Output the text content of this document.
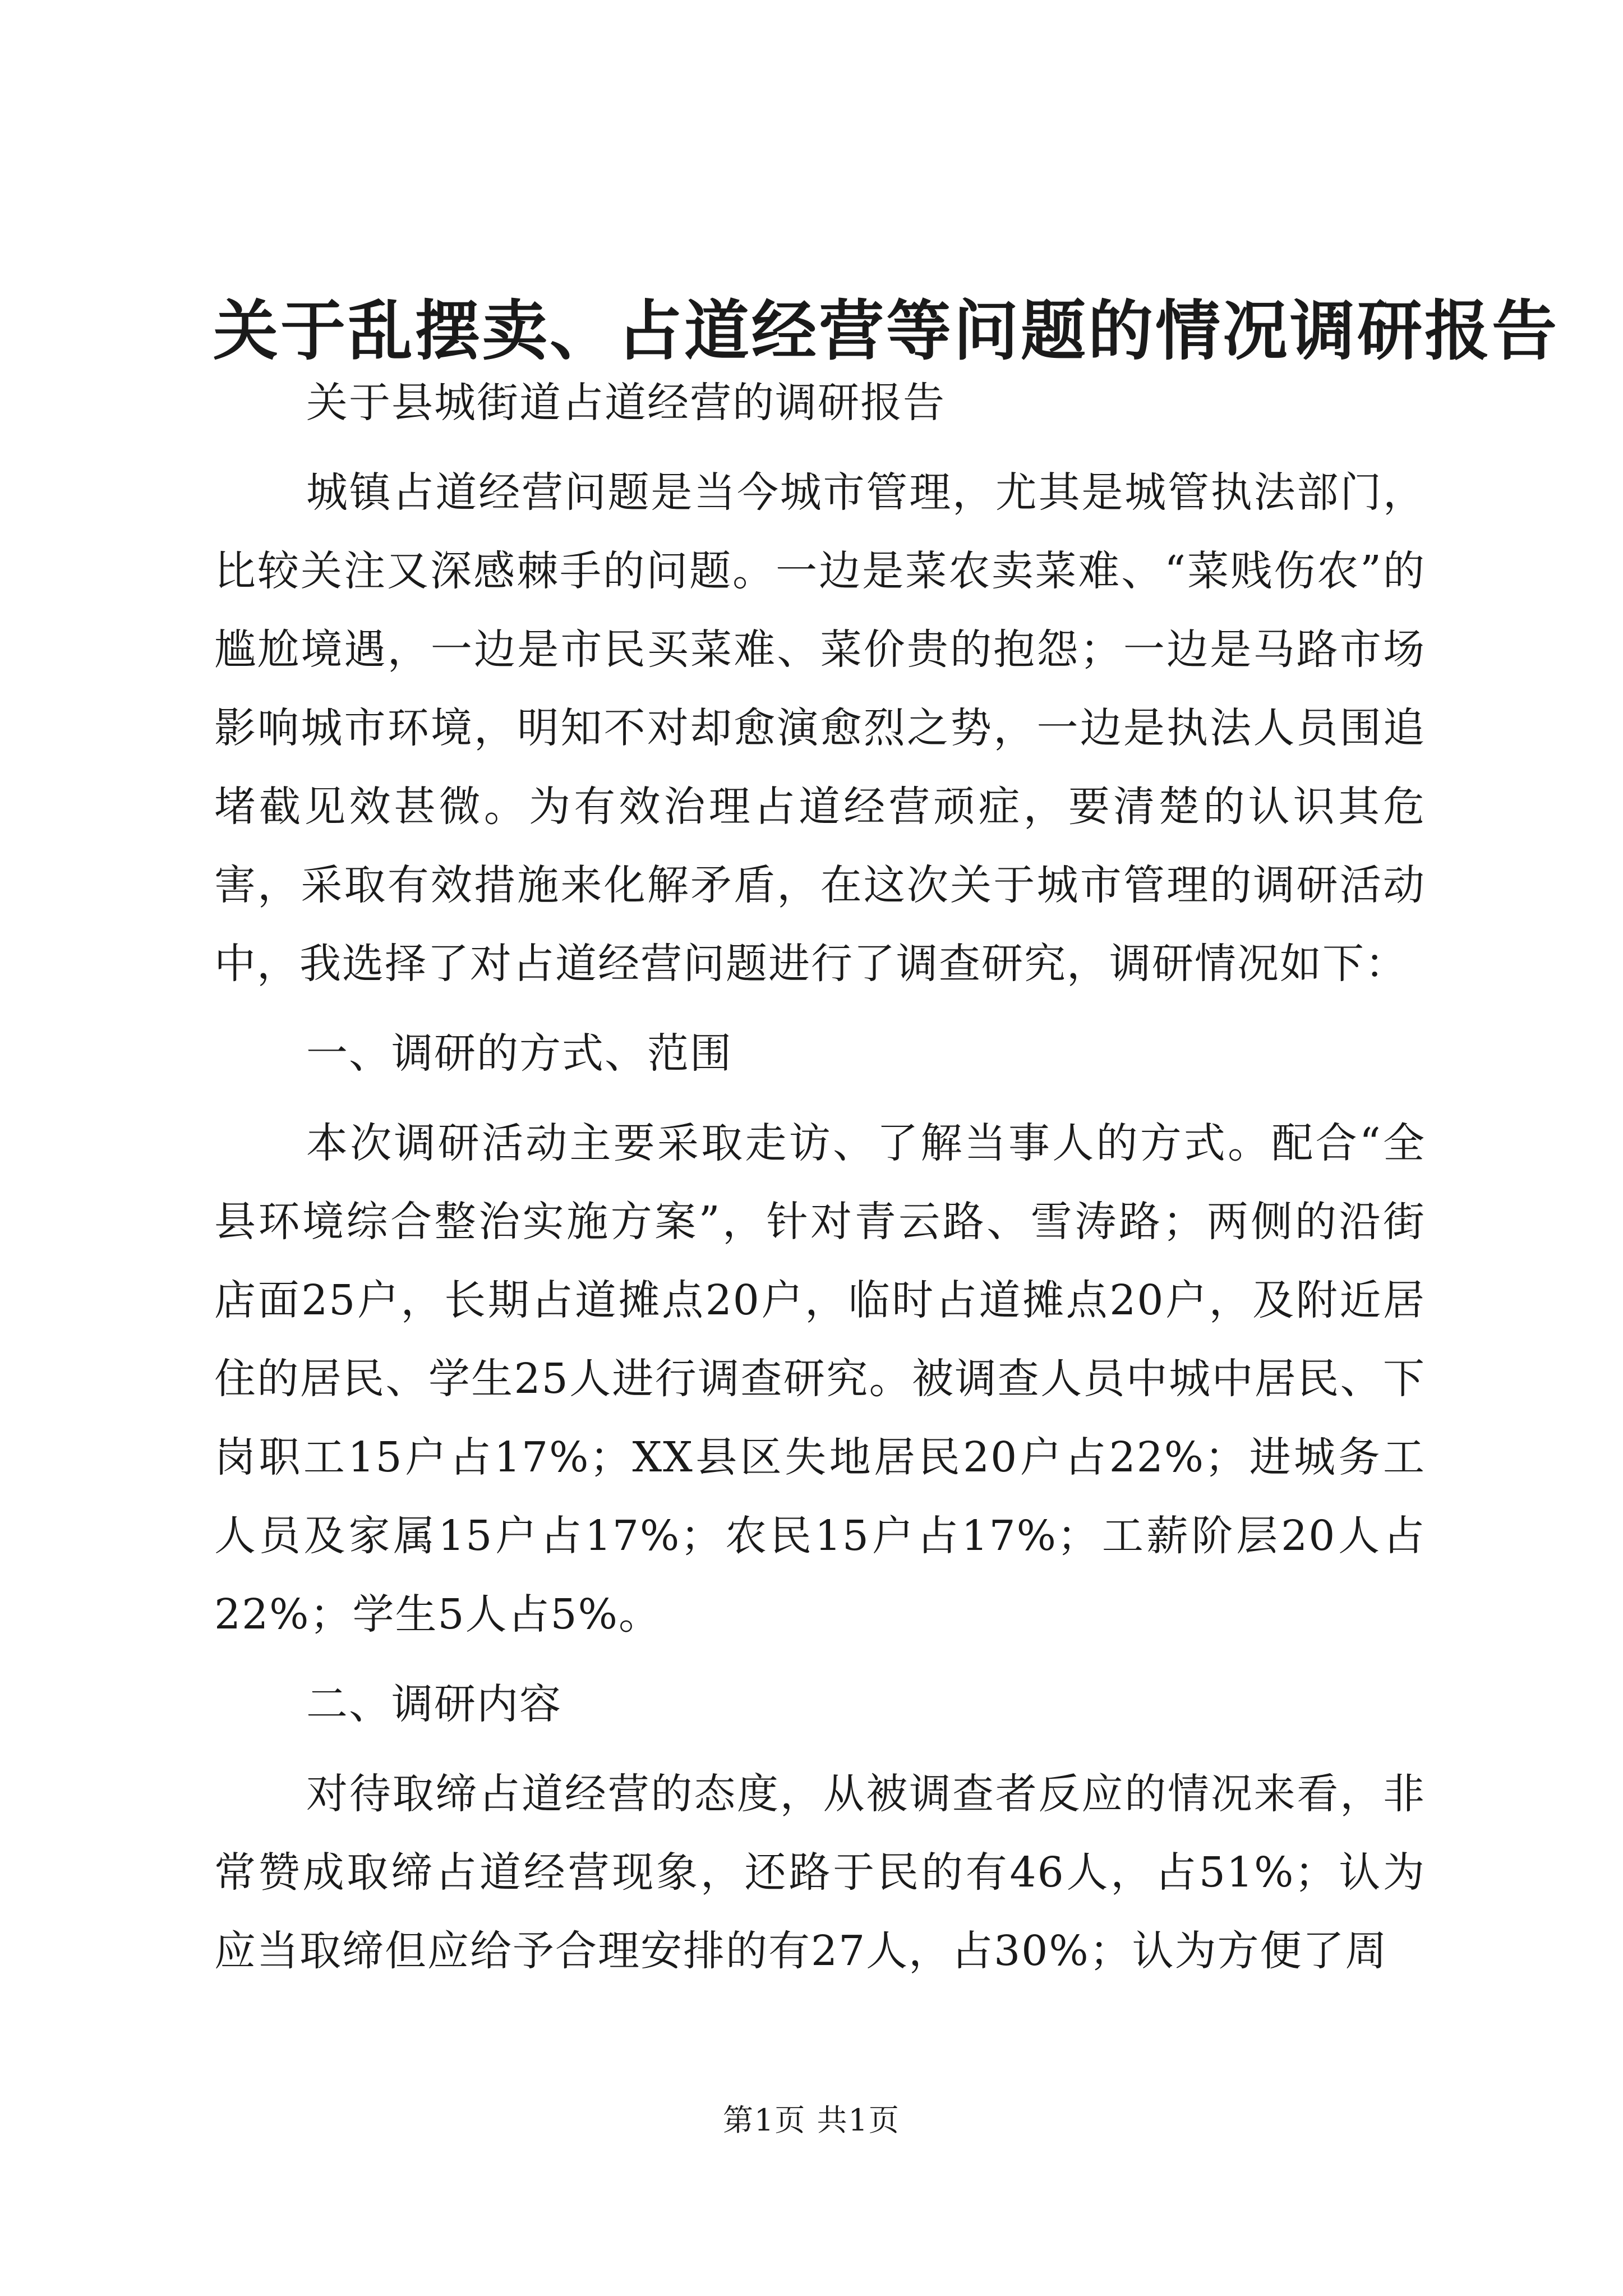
关于乱摆卖、占道经营等问题的情况调研报告

关于县城街道占道经营的调研报告

城镇占道经营问题是当今城市管理，尤其是城管执法部门，比较关注又深感棘手的问题。一边是菜农卖菜难、“菜贱伤农”的尴尬境遇，一边是市民买菜难、菜价贵的抱怨；一边是马路市场影响城市环境，明知不对却愈演愈烈之势，一边是执法人员围追堵截见效甚微。为有效治理占道经营顽症，要清楚的认识其危害，采取有效措施来化解矛盾，在这次关于城市管理的调研活动中，我选择了对占道经营问题进行了调查研究，调研情况如下：

一、调研的方式、范围

本次调研活动主要采取走访、了解当事人的方式。配合“全县环境综合整治实施方案”，针对青云路、雪涛路；两侧的沿街店面25户，长期占道摊点20户，临时占道摊点20户，及附近居住的居民、学生25人进行调查研究。被调查人员中城中居民、下岗职工15户占17%；XX县区失地居民20户占22%；进城务工人员及家属15户占17%；农民15户占17%；工薪阶层20人占22%；学生5人占5%。

二、调研内容

对待取缔占道经营的态度，从被调查者反应的情况来看，非常赞成取缔占道经营现象，还路于民的有46人，占51%；认为应当取缔但应给予合理安排的有27人，占30%；认为方便了周

第1页 共1页
